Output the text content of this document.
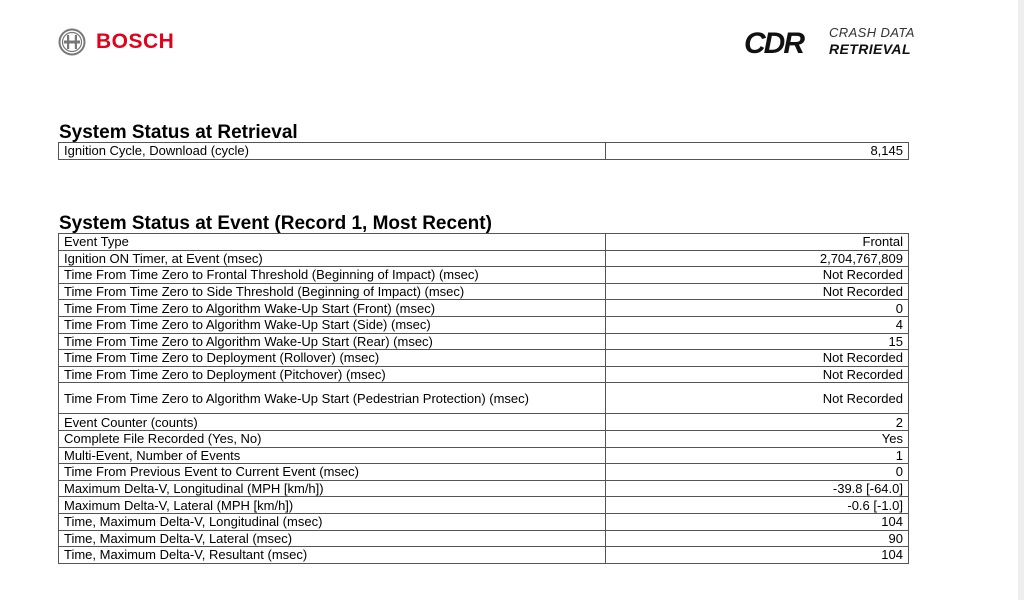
BOSCH	CDR CRASH DATA
RETRIEVAL
System Status at Retrieval
Ignition Cycle, Download (cycle)	8,145
System Status at Event (Record 1, Most Recent)
Event Type	Frontal
Ignition ON Timer, at Event (msec)	2,704,767,809
Time From Time Zero to Frontal Threshold (Beginning of Impact) (msec)	Not Recorded
Time From Time Zero to Side Threshold (Beginning of Impact) (msec)	Not Recorded
Time From Time Zero to Algorithm Wake-Up Start (Front) (msec)	0
Time From Time Zero to Algorithm Wake-Up Start (Side) (msec)	4
Time From Time Zero to Algorithm Wake-Up Start (Rear) (msec)	15
Time From Time Zero to Deployment (Rollover) (msec)	Not Recorded
Time From Time Zero to Deployment (Pitchover) (msec)	Not Recorded
Time From Time Zero to Algorithm Wake-Up Start (Pedestrian Protection) (msec)	Not Recorded
Event Counter (counts)	2
Complete File Recorded (Yes, No)	Yes
Multi-Event, Number of Events	1
Time From Previous Event to Current Event (msec)	0
Maximum Delta-V, Longitudinal (MPH [km/h])	-39.8 [-64.0]
Maximum Delta-V, Lateral (MPH [km/h])	-0.6 [-1.0]
Time, Maximum Delta-V, Longitudinal (msec)	104
Time, Maximum Delta-V, Lateral (msec)	90
Time, Maximum Delta-V, Resultant (msec)	104
